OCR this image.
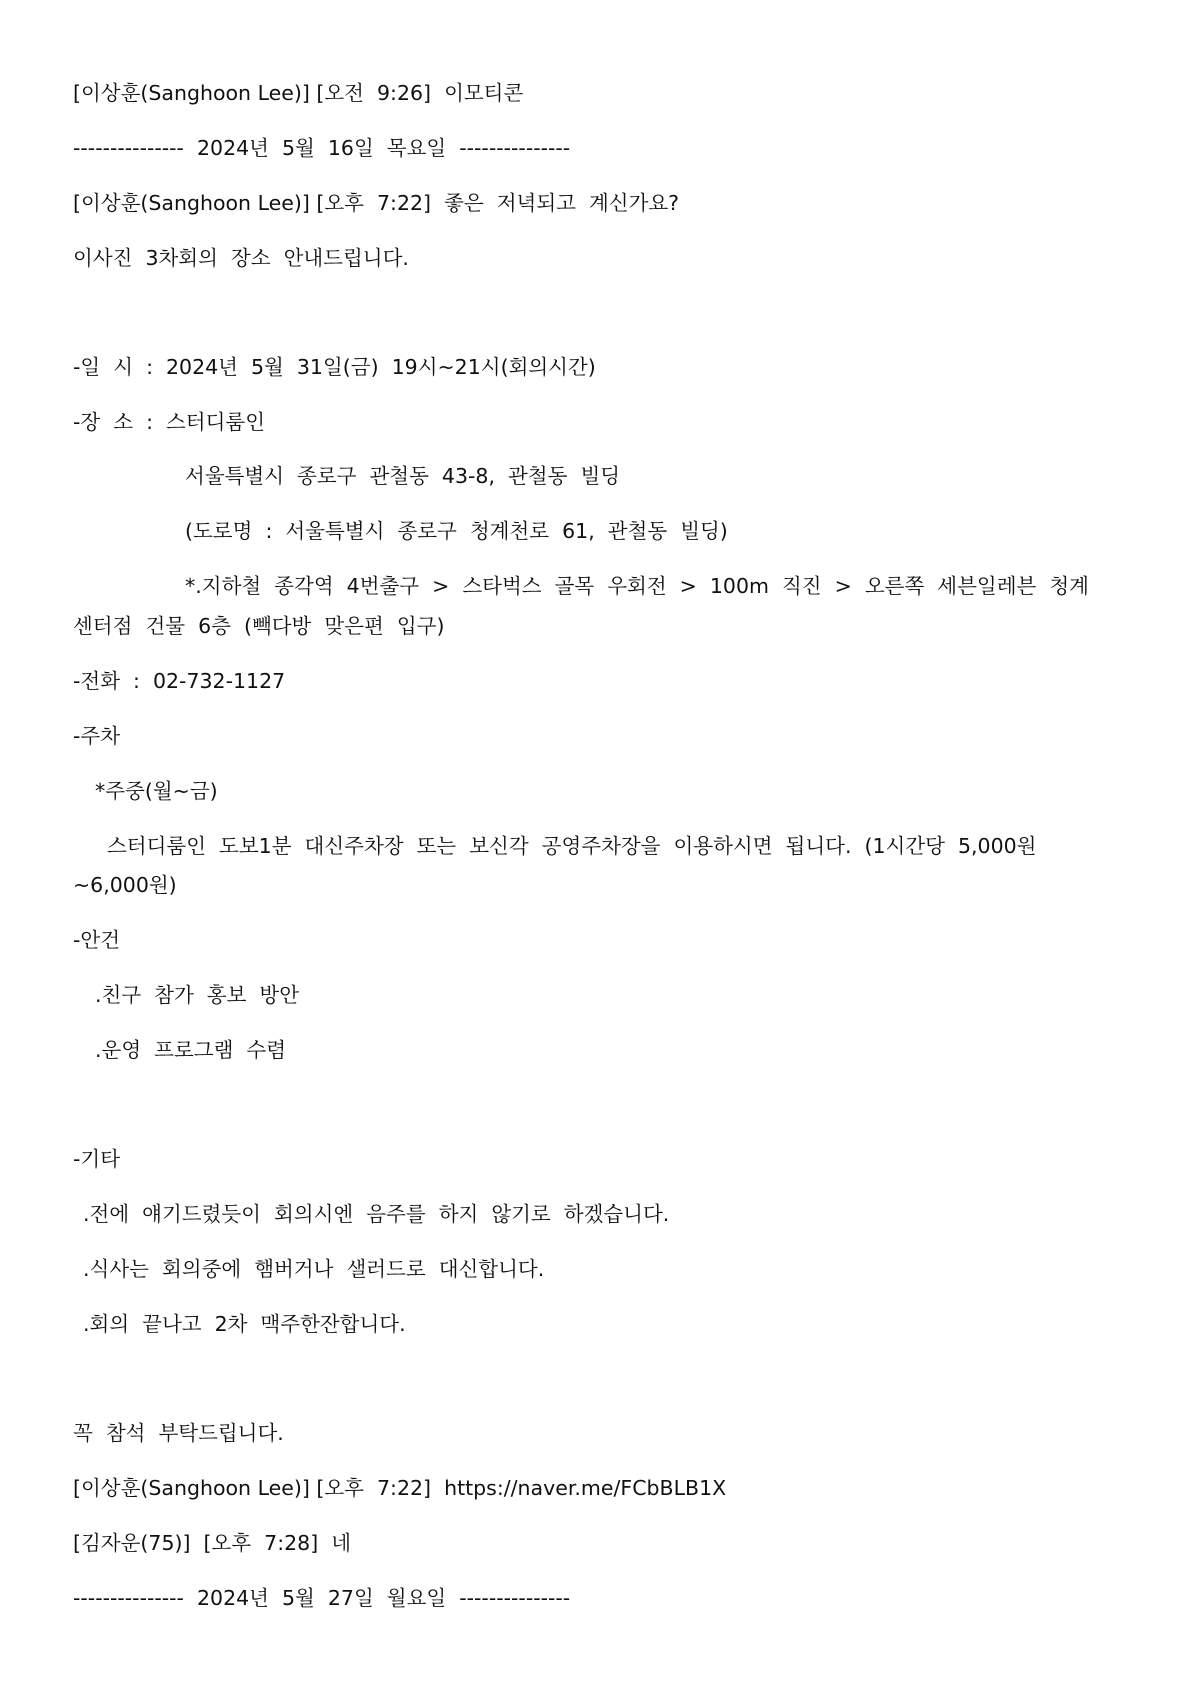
[이상훈(Sanghoon Lee)] [오전  9:26]  이모티콘
---------------  2024년  5월  16일  목요일  ---------------
[이상훈(Sanghoon Lee)] [오후  7:22]  좋은  저녁되고  계신가요?
이사진  3차회의  장소  안내드립니다.
-일  시  :  2024년  5월  31일(금)  19시~21시(회의시간)
-장  소  :  스터디룸인
서울특별시  종로구  관철동  43-8,  관철동  빌딩
(도로명  :  서울특별시  종로구  청계천로  61,  관철동  빌딩)
*.지하철  종각역  4번출구  >  스타벅스  골목  우회전  >  100m  직진  >  오른쪽  세븐일레븐  청계
센터점  건물  6층  (빽다방  맞은편  입구)
-전화  :  02-732-1127
-주차
*주중(월~금)
스터디룸인  도보1분  대신주차장  또는  보신각  공영주차장을  이용하시면  됩니다.  (1시간당  5,000원
~6,000원)
-안건
.친구  참가  홍보  방안
.운영  프로그램  수렴
-기타
.전에  얘기드렸듯이  회의시엔  음주를  하지  않기로  하겠습니다.
.식사는  회의중에  햄버거나  샐러드로  대신합니다.
.회의  끝나고  2차  맥주한잔합니다.
꼭  참석  부탁드립니다.
[이상훈(Sanghoon Lee)] [오후  7:22]  https://naver.me/FCbBLB1X
[김자운(75)]  [오후  7:28]  네
---------------  2024년  5월  27일  월요일  ---------------
